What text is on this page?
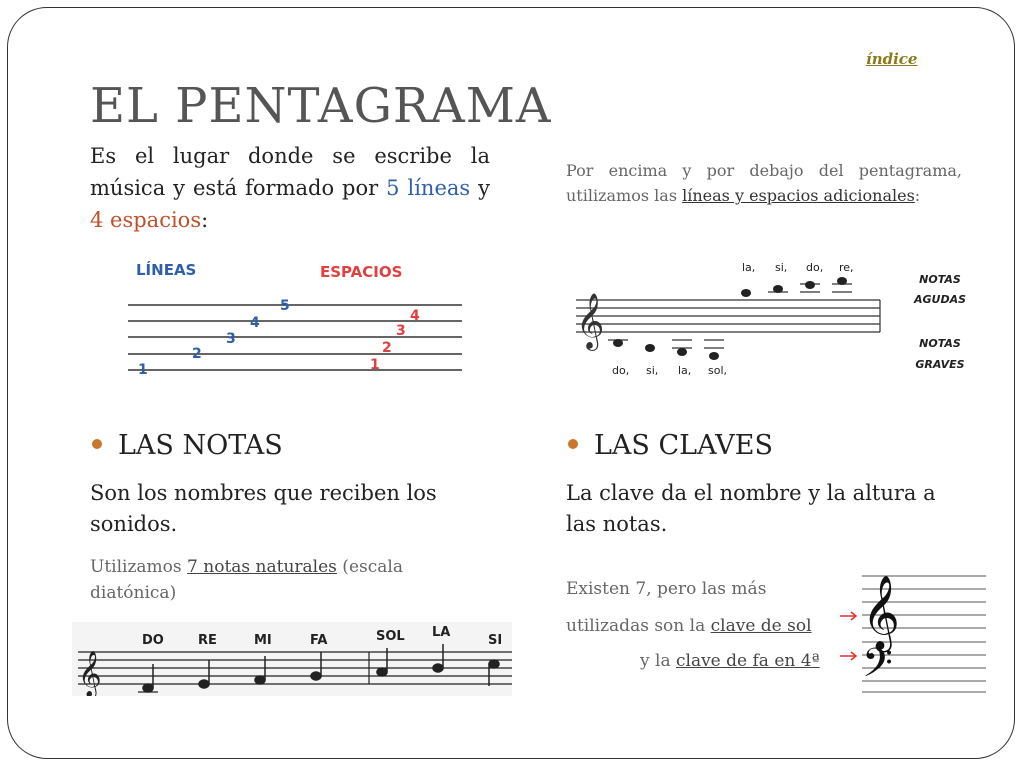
índice
EL PENTAGRAMA
Es el lugar donde se escribe la música y está formado por 5 líneas y 4 espacios:
Por encima y por debajo del pentagrama, utilizamos las líneas y espacios adicionales:
LÍNEAS	ESPACIOS
1
2
3
4
5
1
2
3
4
la, si, do, re,
𝄞
do, si, la, sol,
NOTAS
AGUDAS
NOTAS
GRAVES
LAS NOTAS
Son los nombres que reciben los sonidos.
Utilizamos 7 notas naturales (escala diatónica)
𝄞
DO	RE	MI	FA	SOL LA
SI
LAS CLAVES
La clave da el nombre y la altura a las notas.
Existen 7, pero las más
utilizadas son la clave de sol
y la clave de fa en 4ª
𝄞
𝄢
